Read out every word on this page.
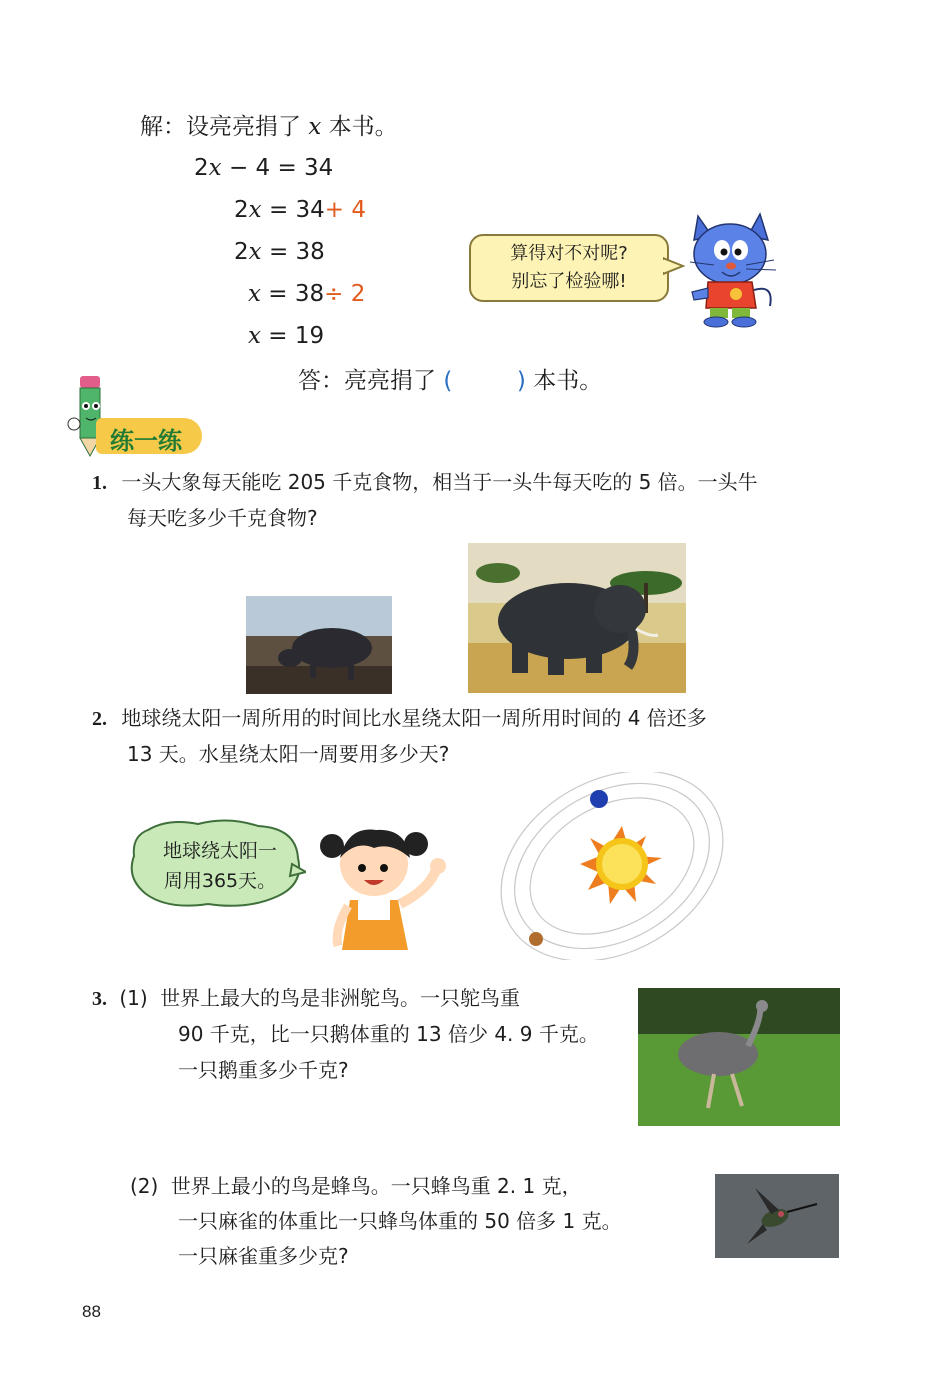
解：设亮亮捐了 x 本书。
2x − 4 = 34
2x = 34+ 4
2x = 38
x = 38÷ 2
x = 19
答：亮亮捐了 (	) 本书。
算得对不对呢?
别忘了检验哪!
练一练
1. 一头大象每天能吃 205 千克食物，相当于一头牛每天吃的 5 倍。一头牛
每天吃多少千克食物?
2. 地球绕太阳一周所用的时间比水星绕太阳一周所用时间的 4 倍还多
13 天。水星绕太阳一周要用多少天?
地球绕太阳一
周用365天。
3. (1) 世界上最大的鸟是非洲鸵鸟。一只鸵鸟重
90 千克，比一只鹅体重的 13 倍少 4. 9 千克。
一只鹅重多少千克?
(2) 世界上最小的鸟是蜂鸟。一只蜂鸟重 2. 1 克，
一只麻雀的体重比一只蜂鸟体重的 50 倍多 1 克。
一只麻雀重多少克?
88
